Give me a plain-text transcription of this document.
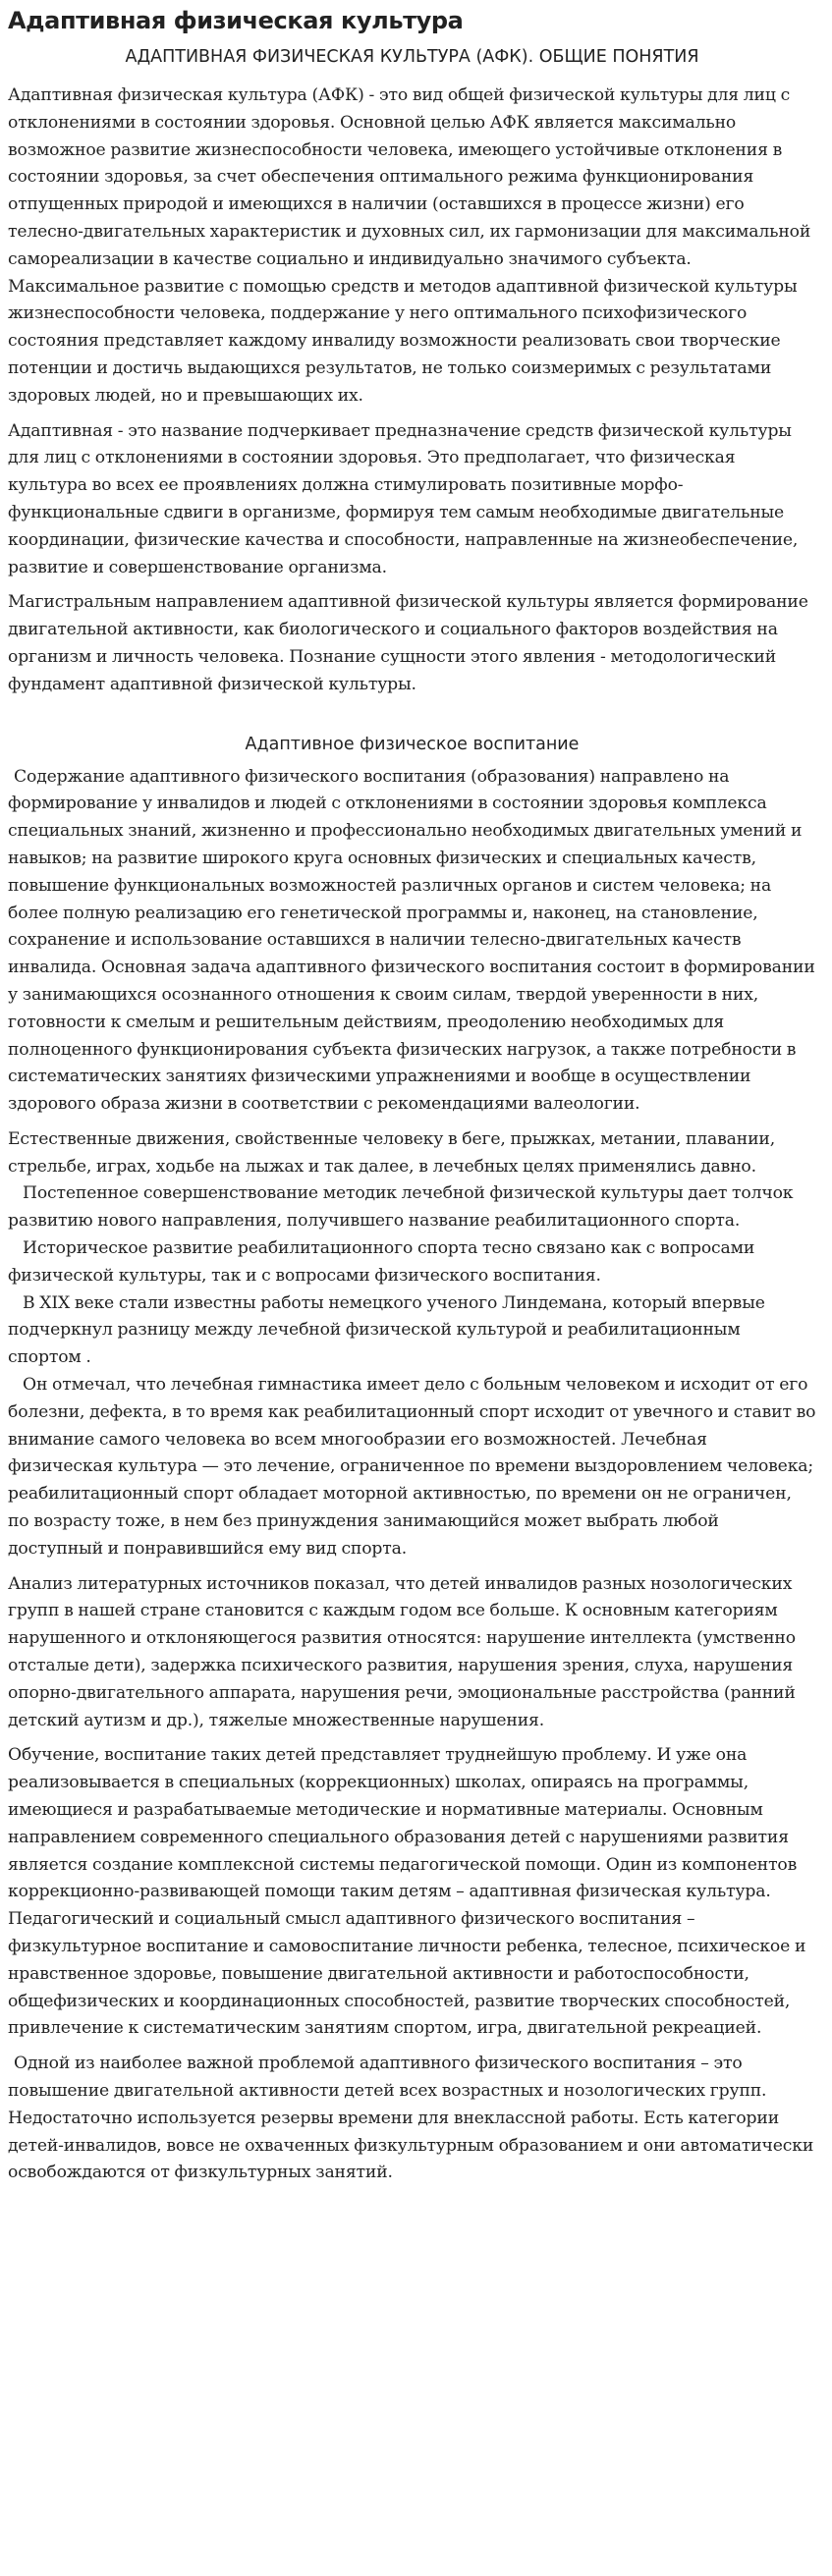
Адаптивная физическая культура
АДАПТИВНАЯ ФИЗИЧЕСКАЯ КУЛЬТУРА (АФК). ОБЩИЕ ПОНЯТИЯ

Адаптивная физическая культура (АФК) - это вид общей физической культуры для лиц с отклонениями в состоянии здоровья. Основной целью АФК является максимально возможное развитие жизнеспособности человека, имеющего устойчивые отклонения в состоянии здоровья, за счет обеспечения оптимального режима функционирования отпущенных природой и имеющихся в наличии (оставшихся в процессе жизни) его телесно-двигательных характеристик и духовных сил, их гармонизации для максимальной самореализации в качестве социально и индивидуально значимого субъекта. Максимальное развитие с помощью средств и методов адаптивной физической культуры жизнеспособности человека, поддержание у него оптимального психофизического состояния представляет каждому инвалиду возможности реализовать свои творческие потенции и достичь выдающихся результатов, не только соизмеримых с результатами здоровых людей, но и превышающих их.

Адаптивная - это название подчеркивает предназначение средств физической культуры для лиц с отклонениями в состоянии здоровья. Это предполагает, что физическая культура во всех ее проявлениях должна стимулировать позитивные морфо-функциональные сдвиги в организме, формируя тем самым необходимые двигательные координации, физические качества и способности, направленные на жизнеобеспечение, развитие и совершенствование организма.

Магистральным направлением адаптивной физической культуры является формирование двигательной активности, как биологического и социального факторов воздействия на организм и личность человека. Познание сущности этого явления - методологический фундамент адаптивной физической культуры.

Адаптивное физическое воспитание

Содержание адаптивного физического воспитания (образования) направлено на формирование у инвалидов и людей с отклонениями в состоянии здоровья комплекса специальных знаний, жизненно и профессионально необходимых двигательных умений и навыков; на развитие широкого круга основных физических и специальных качеств, повышение функциональных возможностей различных органов и систем человека; на более полную реализацию его генетической программы и, наконец, на становление, сохранение и использование оставшихся в наличии телесно-двигательных качеств инвалида. Основная задача адаптивного физического воспитания состоит в формировании у занимающихся осознанного отношения к своим силам, твердой уверенности в них, готовности к смелым и решительным действиям, преодолению необходимых для полноценного функционирования субъекта физических нагрузок, а также потребности в систематических занятиях физическими упражнениями и вообще в осуществлении здорового образа жизни в соответствии с рекомендациями валеологии.

Естественные движения, свойственные человеку в беге, прыжках, метании, плавании, стрельбе, играх, ходьбе на лыжах и так далее, в лечебных целях применялись давно.

Постепенное совершенствование методик лечебной физической культуры дает толчок развитию нового направления, получившего название реабилитационного спорта.

Историческое развитие реабилитационного спорта тесно связано как с вопросами физической культуры, так и с вопросами физического воспитания.

В XIX веке стали известны работы немецкого ученого Линдемана, который впервые подчеркнул разницу между лечебной физической культурой и реабилитационным спортом .

Он отмечал, что лечебная гимнастика имеет дело с больным человеком и исходит от его болезни, дефекта, в то время как реабилитационный спорт исходит от увечного и ставит во внимание самого человека во всем многообразии его возможностей. Лечебная физическая культура — это лечение, ограниченное по времени выздоровлением человека; реабилитационный спорт обладает моторной активностью, по времени он не ограничен, по возрасту тоже, в нем без принуждения занимающийся может выбрать любой доступный и понравившийся ему вид спорта.

Анализ литературных источников показал, что детей инвалидов разных нозологических групп в нашей стране становится с каждым годом все больше. К основным категориям нарушенного и отклоняющегося развития относятся: нарушение интеллекта (умственно отсталые дети), задержка психического развития, нарушения зрения, слуха, нарушения опорно-двигательного аппарата, нарушения речи, эмоциональные расстройства (ранний детский аутизм и др.), тяжелые множественные нарушения.

Обучение, воспитание таких детей представляет труднейшую проблему. И уже она реализовывается в специальных (коррекционных) школах, опираясь на программы, имеющиеся и разрабатываемые методические и нормативные материалы. Основным направлением современного специального образования детей с нарушениями развития является создание комплексной системы педагогической помощи. Один из компонентов коррекционно-развивающей помощи таким детям – адаптивная физическая культура. Педагогический и социальный смысл адаптивного физического воспитания – физкультурное воспитание и самовоспитание личности ребенка, телесное, психическое и нравственное здоровье, повышение двигательной активности и работоспособности, общефизических и координационных способностей, развитие творческих способностей, привлечение к систематическим занятиям спортом, игра, двигательной рекреацией.

Одной из наиболее важной проблемой адаптивного физического воспитания – это повышение двигательной активности детей всех возрастных и нозологических групп. Недостаточно используется резервы времени для внеклассной работы. Есть категории детей-инвалидов, вовсе не охваченных физкультурным образованием и они автоматически освобождаются от физкультурных занятий.
